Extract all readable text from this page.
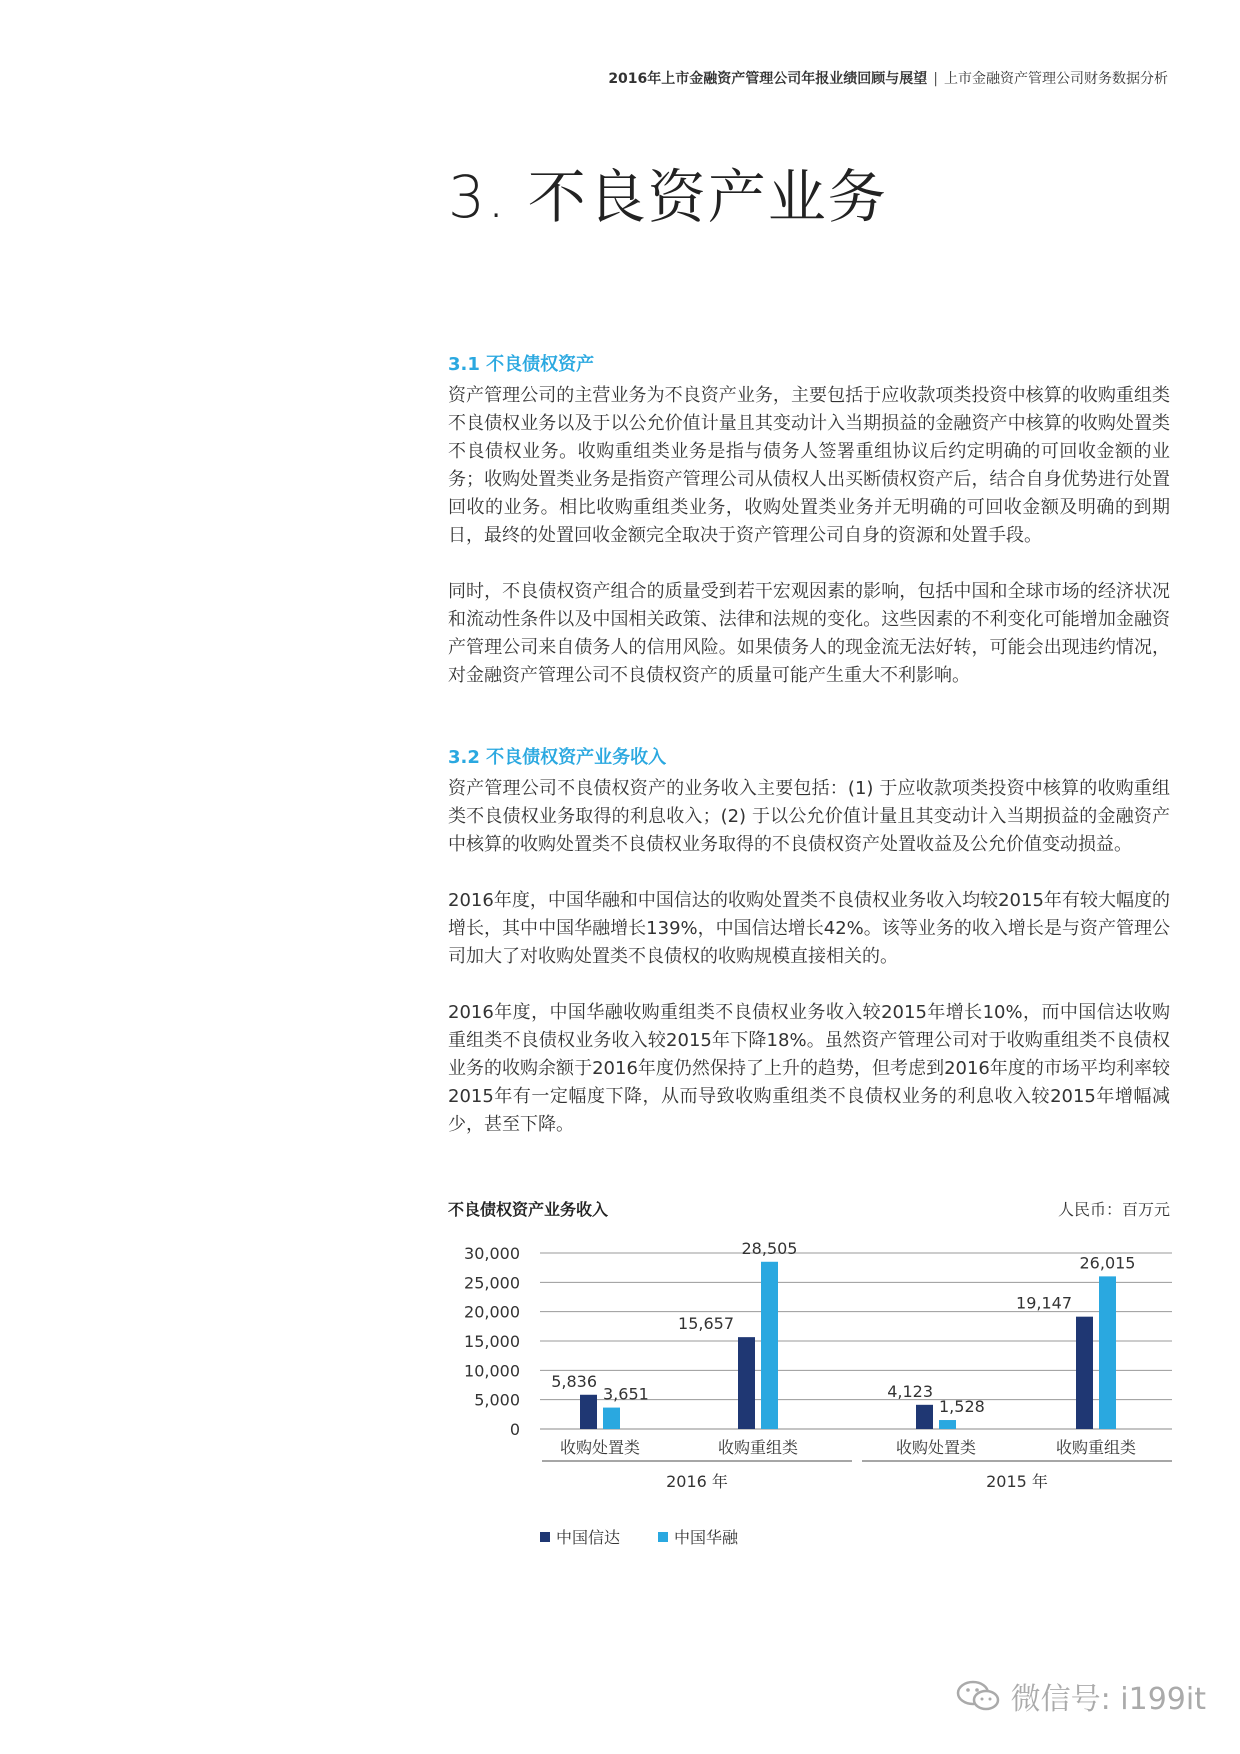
2016年上市金融资产管理公司年报业绩回顾与展望 | 上市金融资产管理公司财务数据分析
3. 不良资产业务
3.1 不良债权资产

资产管理公司的主营业务为不良资产业务，主要包括于应收款项类投资中核算的收购重组类不良债权业务以及于以公允价值计量且其变动计入当期损益的金融资产中核算的收购处置类不良债权业务。收购重组类业务是指与债务人签署重组协议后约定明确的可回收金额的业务；收购处置类业务是指资产管理公司从债权人出买断债权资产后，结合自身优势进行处置回收的业务。相比收购重组类业务，收购处置类业务并无明确的可回收金额及明确的到期日，最终的处置回收金额完全取决于资产管理公司自身的资源和处置手段。

同时，不良债权资产组合的质量受到若干宏观因素的影响，包括中国和全球市场的经济状况和流动性条件以及中国相关政策、法律和法规的变化。这些因素的不利变化可能增加金融资产管理公司来自债务人的信用风险。如果债务人的现金流无法好转，可能会出现违约情况，对金融资产管理公司不良债权资产的质量可能产生重大不利影响。

3.2 不良债权资产业务收入

资产管理公司不良债权资产的业务收入主要包括：(1) 于应收款项类投资中核算的收购重组类不良债权业务取得的利息收入；(2) 于以公允价值计量且其变动计入当期损益的金融资产中核算的收购处置类不良债权业务取得的不良债权资产处置收益及公允价值变动损益。

2016年度，中国华融和中国信达的收购处置类不良债权业务收入均较2015年有较大幅度的增长，其中中国华融增长139%，中国信达增长42%。该等业务的收入增长是与资产管理公司加大了对收购处置类不良债权的收购规模直接相关的。

2016年度，中国华融收购重组类不良债权业务收入较2015年增长10%，而中国信达收购重组类不良债权业务收入较2015年下降18%。虽然资产管理公司对于收购重组类不良债权业务的收购余额于2016年度仍然保持了上升的趋势，但考虑到2016年度的市场平均利率较2015年有一定幅度下降，从而导致收购重组类不良债权业务的利息收入较2015年增幅减少，甚至下降。

不良债权资产业务收入	人民币：百万元
0
5,000
10,000
15,000
20,000
25,000
30,000
5,836
3,651
收购处置类
15,657
28,505
收购重组类
4,123
1,528
收购处置类
19,147
26,015
收购重组类
2016 年	2015 年
中国信达	中国华融
微信号: i199it
